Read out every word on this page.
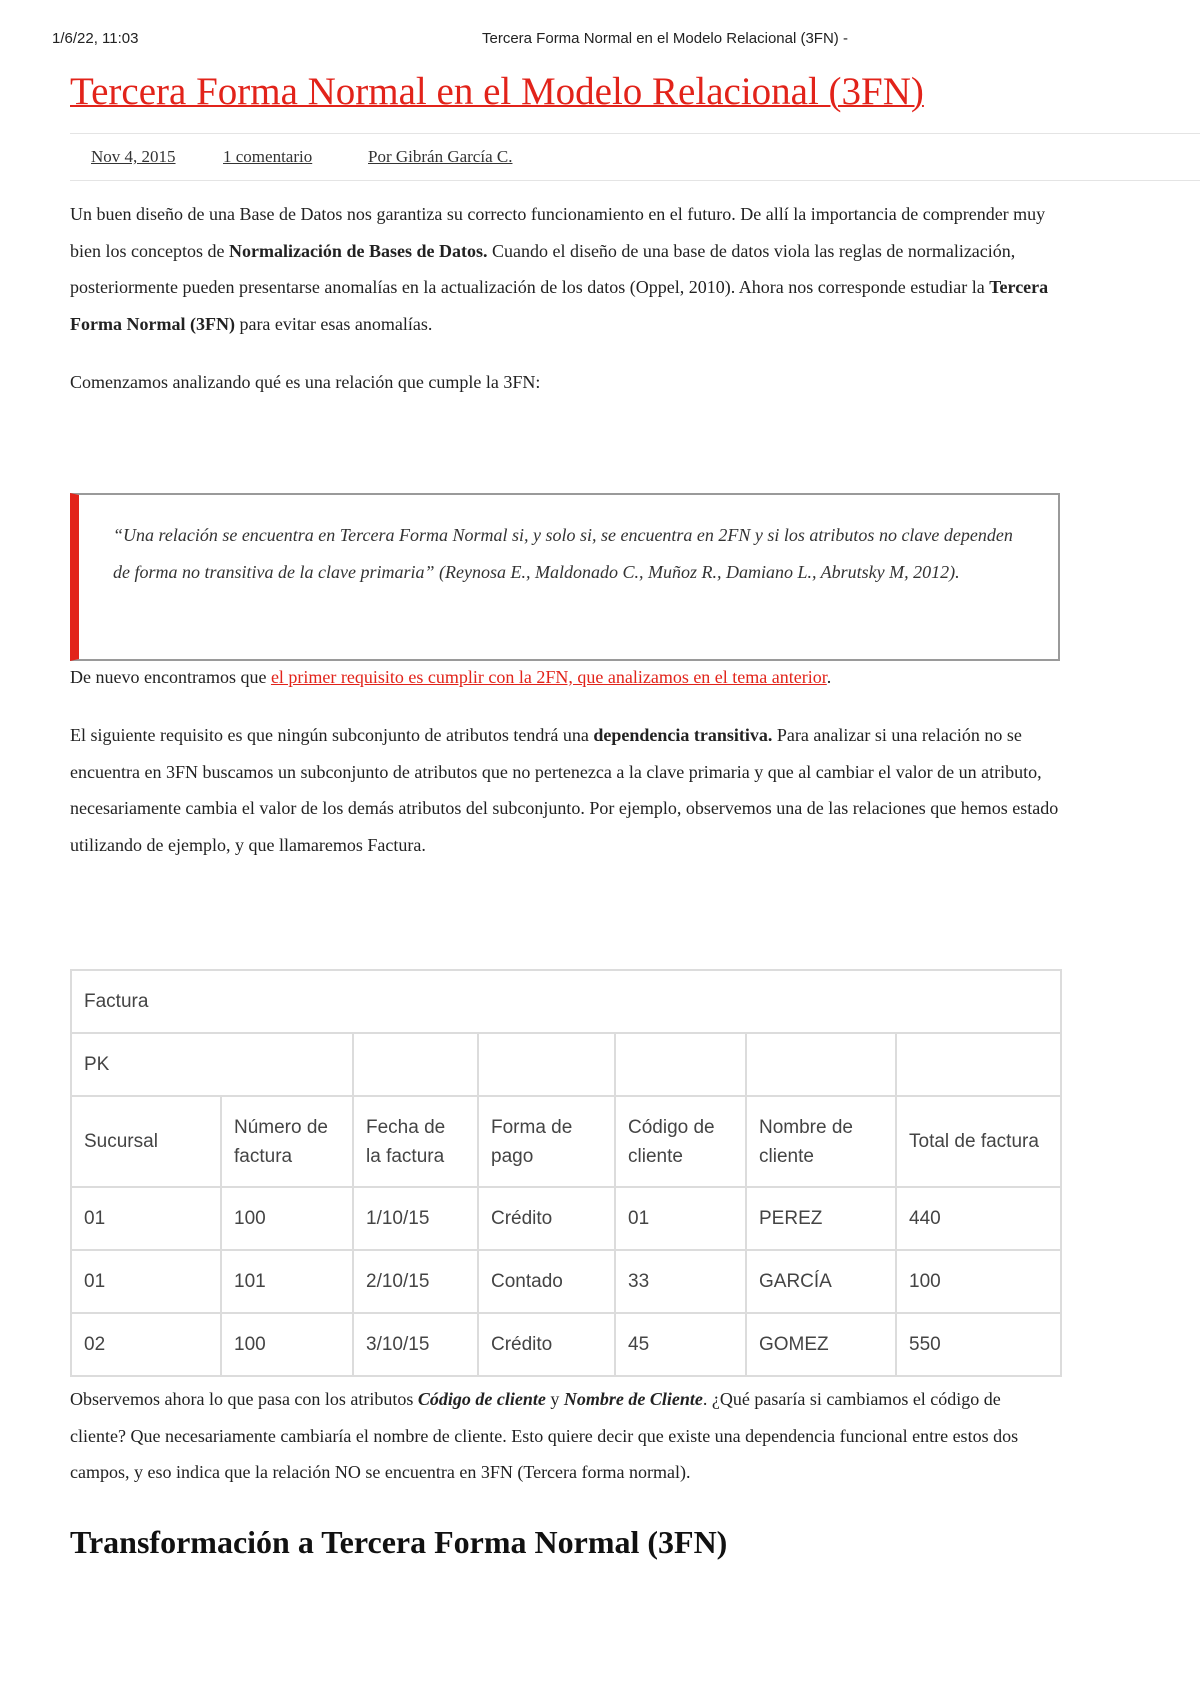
1/6/22, 11:03	Tercera Forma Normal en el Modelo Relacional (3FN) -
Tercera Forma Normal en el Modelo Relacional (3FN)
Nov 4, 2015	1 comentario	Por Gibrán García C.

Un buen diseño de una Base de Datos nos garantiza su correcto funcionamiento en el futuro. De allí la importancia de comprender muy bien los conceptos de Normalización de Bases de Datos. Cuando el diseño de una base de datos viola las reglas de normalización, posteriormente pueden presentarse anomalías en la actualización de los datos (Oppel, 2010). Ahora nos corresponde estudiar la Tercera Forma Normal (3FN) para evitar esas anomalías.

Comenzamos analizando qué es una relación que cumple la 3FN:

De nuevo encontramos que el primer requisito es cumplir con la 2FN, que analizamos en el tema anterior.
El siguiente requisito es que ningún subconjunto de atributos tendrá una dependencia transitiva. Para analizar si una relación no se encuentra en 3FN buscamos un subconjunto de atributos que no pertenezca a la clave primaria y que al cambiar el valor de un atributo, necesariamente cambia el valor de los demás atributos del subconjunto. Por ejemplo, observemos una de las relaciones que hemos estado utilizando de ejemplo, y que llamaremos Factura.
Observemos ahora lo que pasa con los atributos Código de cliente y Nombre de Cliente. ¿Qué pasaría si cambiamos el código de cliente? Que necesariamente cambiaría el nombre de cliente. Esto quiere decir que existe una dependencia funcional entre estos dos campos, y eso indica que la relación NO se encuentra en 3FN (Tercera forma normal).
Transformación a Tercera Forma Normal (3FN)
“Una relación se encuentra en Tercera Forma Normal si, y solo si, se encuentra en 2FN y si los atributos no clave dependen de forma no transitiva de la clave primaria” (Reynosa E., Maldonado C., Muñoz R., Damiano L., Abrutsky M, 2012).
Factura						
PK						
Sucursal	Número de factura	Fecha de la factura	Forma de pago	Código de cliente	Nombre de cliente	Total de factura
01	100	1/10/15	Crédito	01	PEREZ	440
01	101	2/10/15	Contado	33	GARCÍA	100
02	100	3/10/15	Crédito	45	GOMEZ	550
